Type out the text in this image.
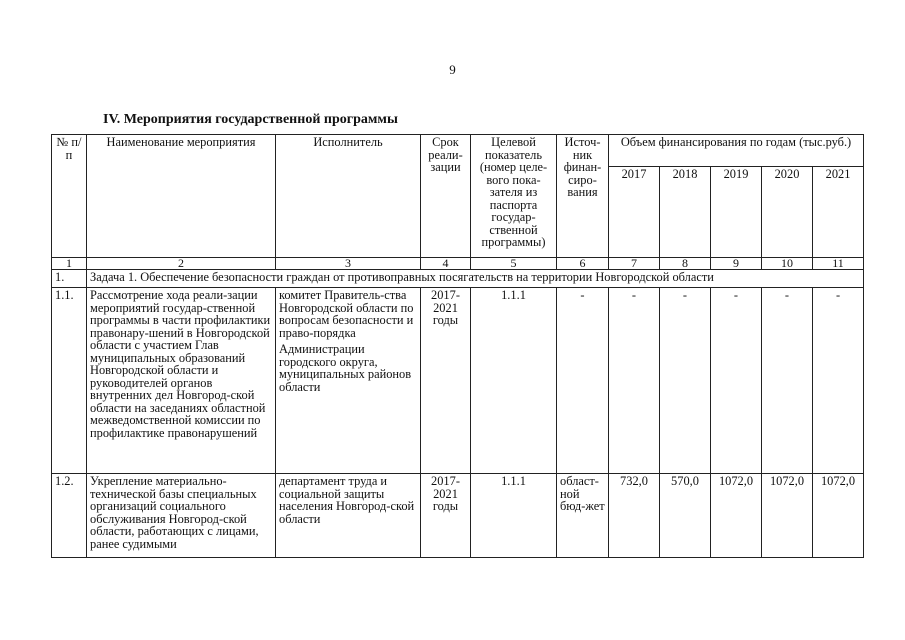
9
IV. Мероприятия государственной программы
№ п/п	Наименование мероприятия	Исполнитель	Срок реали-зации	Целевой показатель (номер целе-вого пока-зателя из паспорта государ-ственной программы)	Источ-ник финан-сиро-вания	Объем финансирования по годам (тыс.руб.)				
						2017	2018	2019	2020	2021
1	2	3	4	5	6	7	8	9	10	11
1.	Задача 1. Обеспечение безопасности граждан от противоправных посягательств на территории Новгородской области									
1.1.	Рассмотрение хода реали-зации мероприятий государ-ственной программы в части профилактики правонару-шений в Новгородской области с участием Глав муниципальных образований Новгородской области и руководителей органов внутренних дел Новгород-ской области на заседаниях областной межведомственной комиссии по профилактике правонарушений	комитет Правитель-ства Новгородской области по вопросам безопасности и право-порядка
Администрации городского округа, муниципальных районов области	2017-2021 годы	1.1.1	-	-	-	-	-	-
1.2.	Укрепление материально-технической базы специальных организаций социального обслуживания Новгород-ской области, работающих с лицами, ранее судимыми	департамент труда и социальной защиты населения Новгород-ской области	2017-2021 годы	1.1.1	област-ной бюд-жет	732,0	570,0	1072,0	1072,0	1072,0
